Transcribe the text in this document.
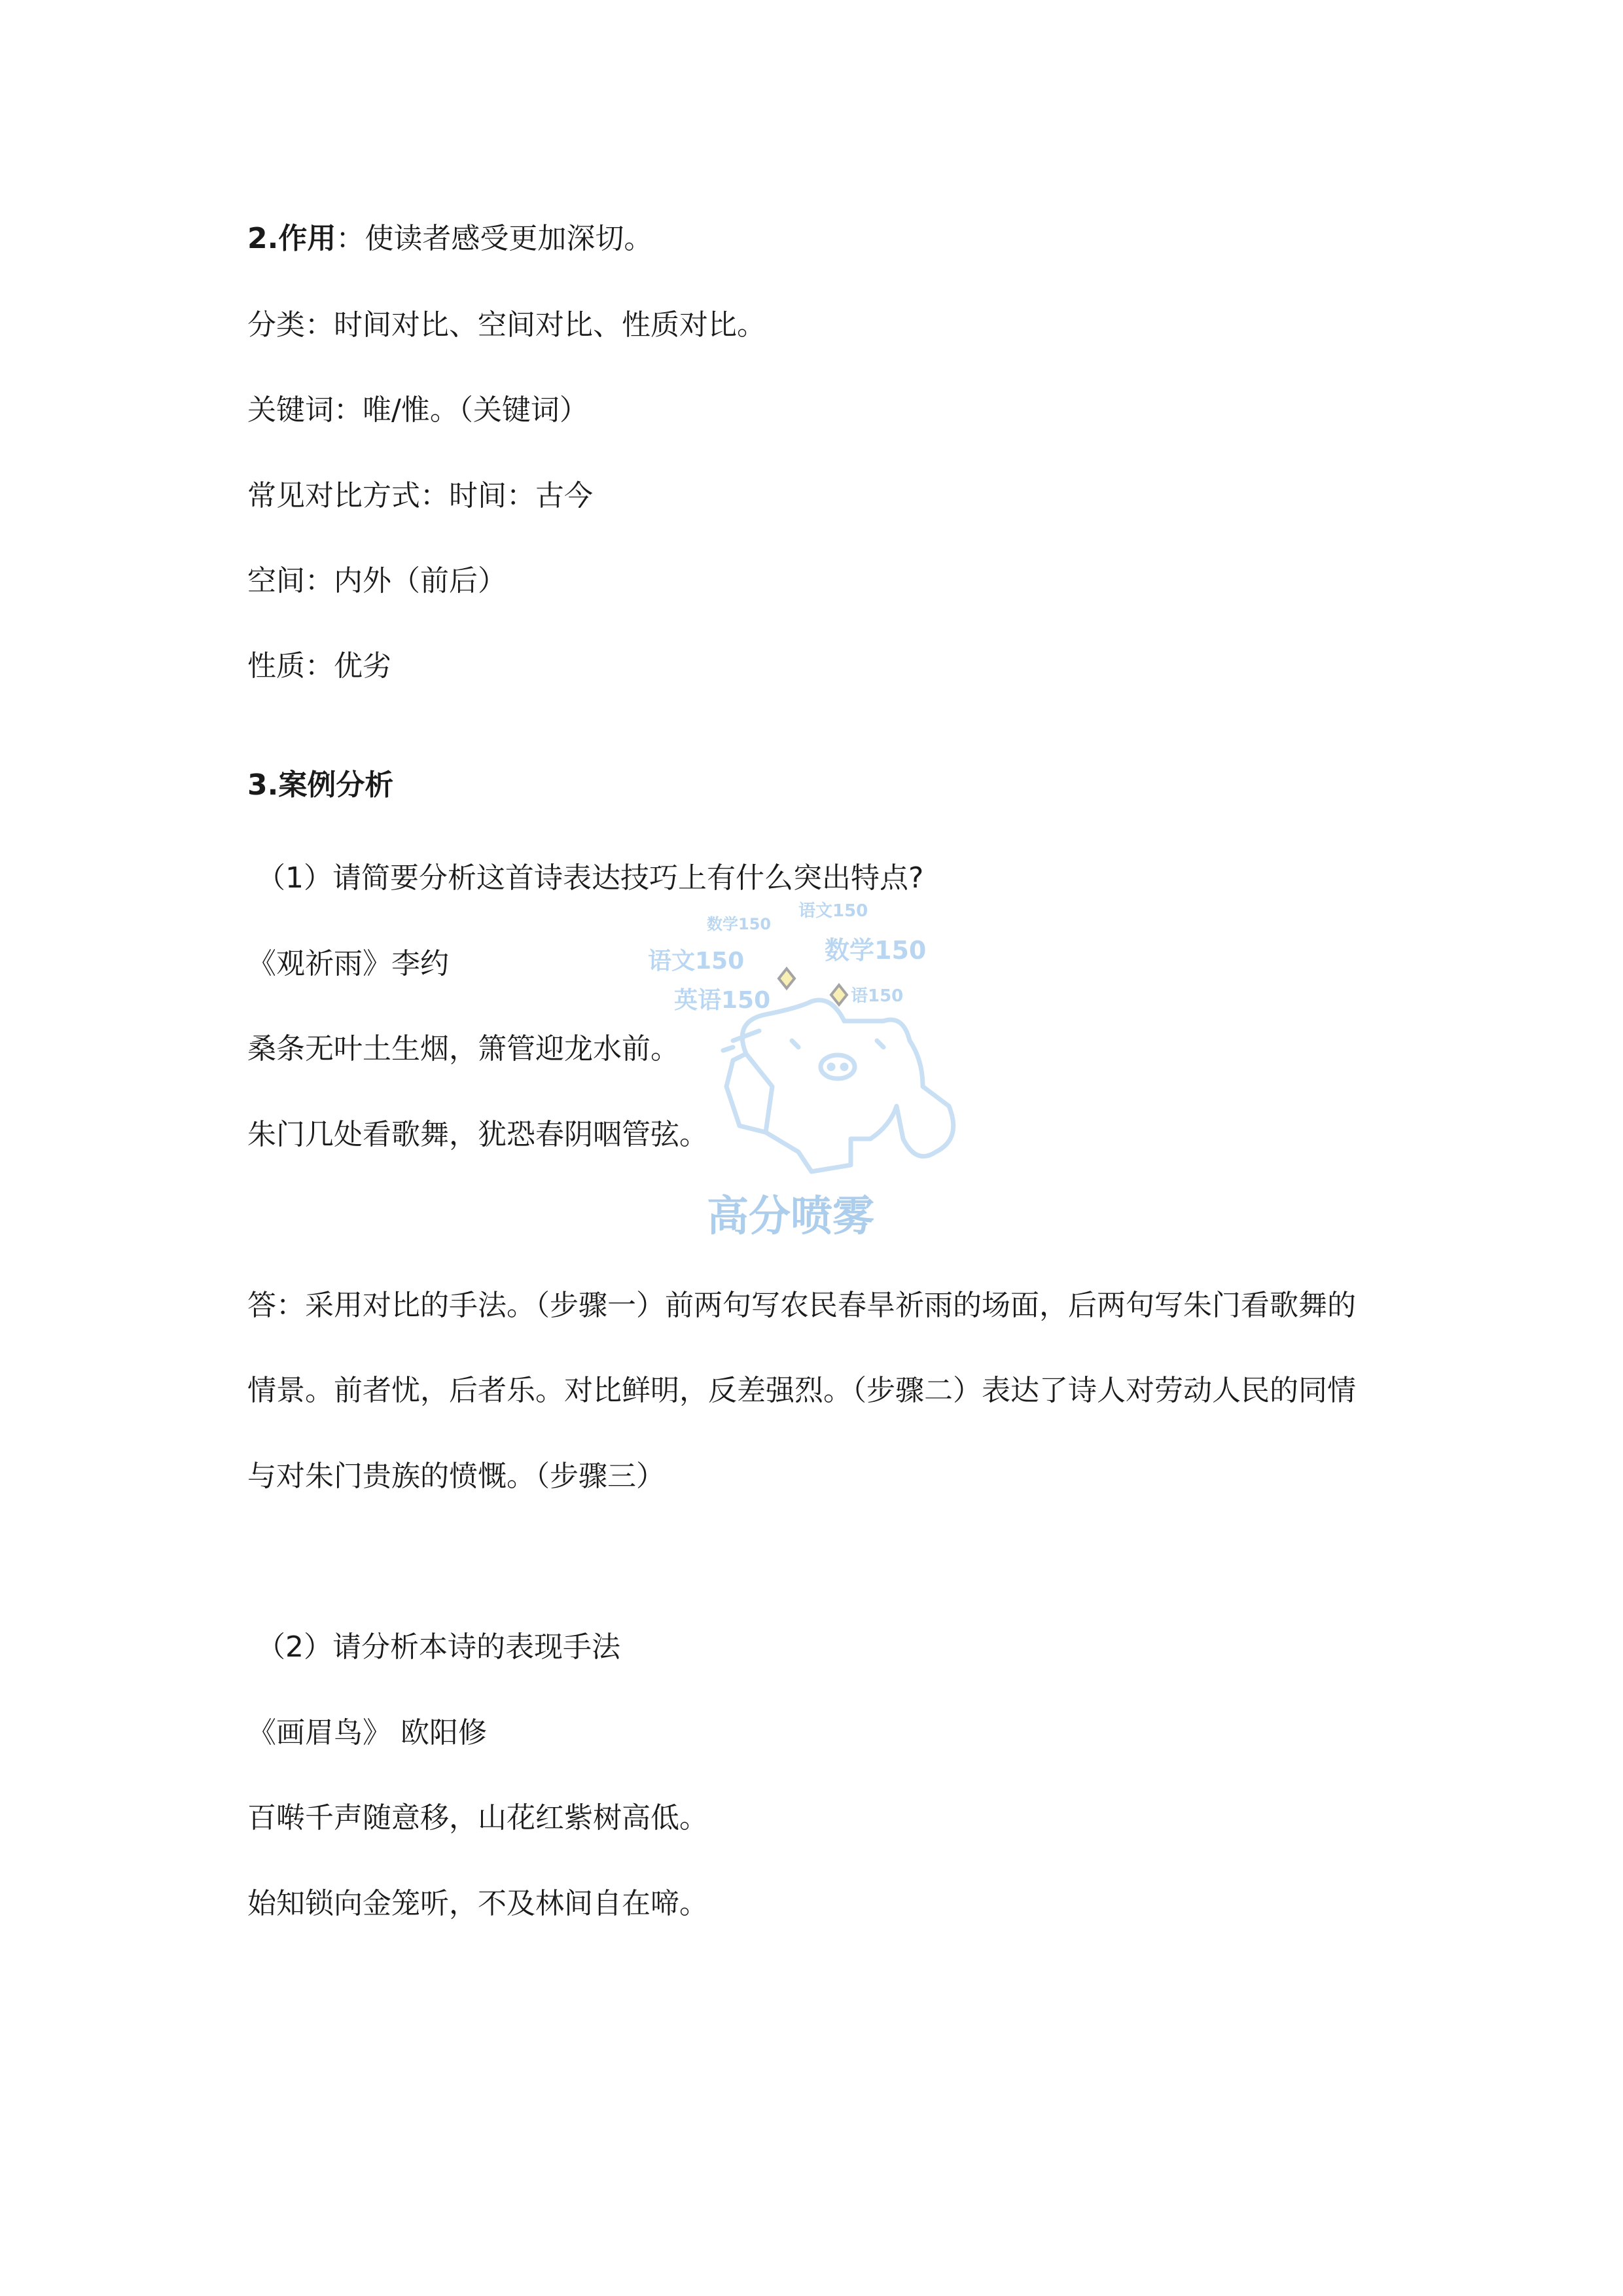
2.作用：使读者感受更加深切。

分类：时间对比、空间对比、性质对比。

关键词：唯/惟。（关键词）

常见对比方式：时间：古今

空间：内外（前后）

性质：优劣

3.案例分析

（1）请简要分析这首诗表达技巧上有什么突出特点?

《观祈雨》李约

桑条无叶土生烟，箫管迎龙水前。

朱门几处看歌舞，犹恐春阴咽管弦。

答：采用对比的手法。（步骤一）前两句写农民春旱祈雨的场面，后两句写朱门看歌舞的

情景。前者忧，后者乐。对比鲜明，反差强烈。（步骤二）表达了诗人对劳动人民的同情

与对朱门贵族的愤慨。（步骤三）

（2）请分析本诗的表现手法

《画眉鸟》 欧阳修

百啭千声随意移，山花红紫树高低。

始知锁向金笼听，不及林间自在啼。

数学150
语文150
语文150	数学150
英语150	语150
高分喷雾
